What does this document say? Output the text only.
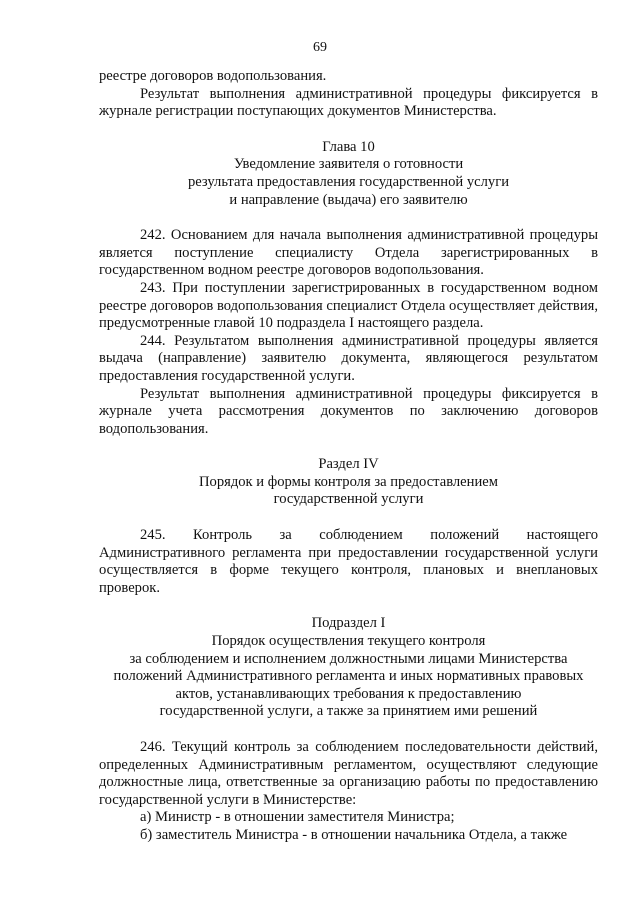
69

реестре договоров водопользования.

Результат выполнения административной процедуры фиксируется в журнале регистрации поступающих документов Министерства.

Глава 10
Уведомление заявителя о готовности
результата предоставления государственной услуги
и направление (выдача) его заявителю

242. Основанием для начала выполнения административной процедуры является поступление специалисту Отдела зарегистрированных в государственном водном реестре договоров водопользования.

243. При поступлении зарегистрированных в государственном водном реестре договоров водопользования специалист Отдела осуществляет действия, предусмотренные главой 10 подраздела I настоящего раздела.

244. Результатом выполнения административной процедуры является выдача (направление) заявителю документа, являющегося результатом предоставления государственной услуги.

Результат выполнения административной процедуры фиксируется в журнале учета рассмотрения документов по заключению договоров водопользования.

Раздел IV
Порядок и формы контроля за предоставлением
государственной услуги

245. Контроль за соблюдением положений настоящего Административного регламента при предоставлении государственной услуги осуществляется в форме текущего контроля, плановых и внеплановых проверок.

Подраздел I
Порядок осуществления текущего контроля
за соблюдением и исполнением должностными лицами Министерства
положений Административного регламента и иных нормативных правовых
актов, устанавливающих требования к предоставлению
государственной услуги, а также за принятием ими решений

246. Текущий контроль за соблюдением последовательности действий, определенных Административным регламентом, осуществляют следующие должностные лица, ответственные за организацию работы по предоставлению государственной услуги в Министерстве:

а) Министр - в отношении заместителя Министра;

б) заместитель Министра - в отношении начальника Отдела, а также
